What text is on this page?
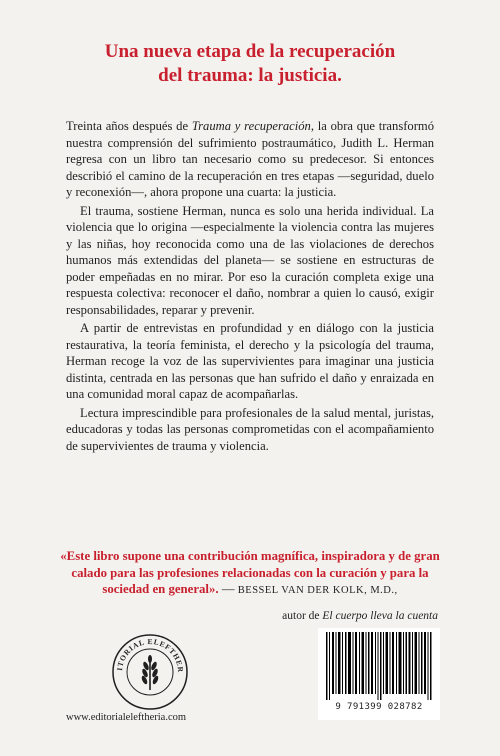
Una nueva etapa de la recuperación
del trauma: la justicia.

Treinta años después de Trauma y recuperación, la obra que transformó nuestra comprensión del sufrimiento postraumático, Judith L. Herman regresa con un libro tan necesario como su predecesor. Si entonces describió el camino de la recuperación en tres etapas —seguridad, duelo y reconexión—, ahora propone una cuarta: la justicia.

El trauma, sostiene Herman, nunca es solo una herida individual. La violencia que lo origina —especialmente la violencia contra las mujeres y las niñas, hoy reconocida como una de las violaciones de derechos humanos más extendidas del planeta— se sostiene en estructuras de poder empeñadas en no mirar. Por eso la curación completa exige una respuesta colectiva: reconocer el daño, nombrar a quien lo causó, exigir responsabilidades, reparar y prevenir.

A partir de entrevistas en profundidad y en diálogo con la justicia restaurativa, la teoría feminista, el derecho y la psicología del trauma, Herman recoge la voz de las supervivientes para imaginar una justicia distinta, centrada en las personas que han sufrido el daño y enraizada en una comunidad moral capaz de acompañarlas.

Lectura imprescindible para profesionales de la salud mental, juristas, educadoras y todas las personas comprometidas con el acompañamiento de supervivientes de trauma y violencia.

«Este libro supone una contribución magnífica, inspiradora y de gran calado para las profesiones relacionadas con la curación y para la sociedad en general». — BESSEL VAN DER KOLK, M.D.,
autor de El cuerpo lleva la cuenta
ITORIAL ELEFTHER
www.editorialeleftheria.com
9 791399 028782
